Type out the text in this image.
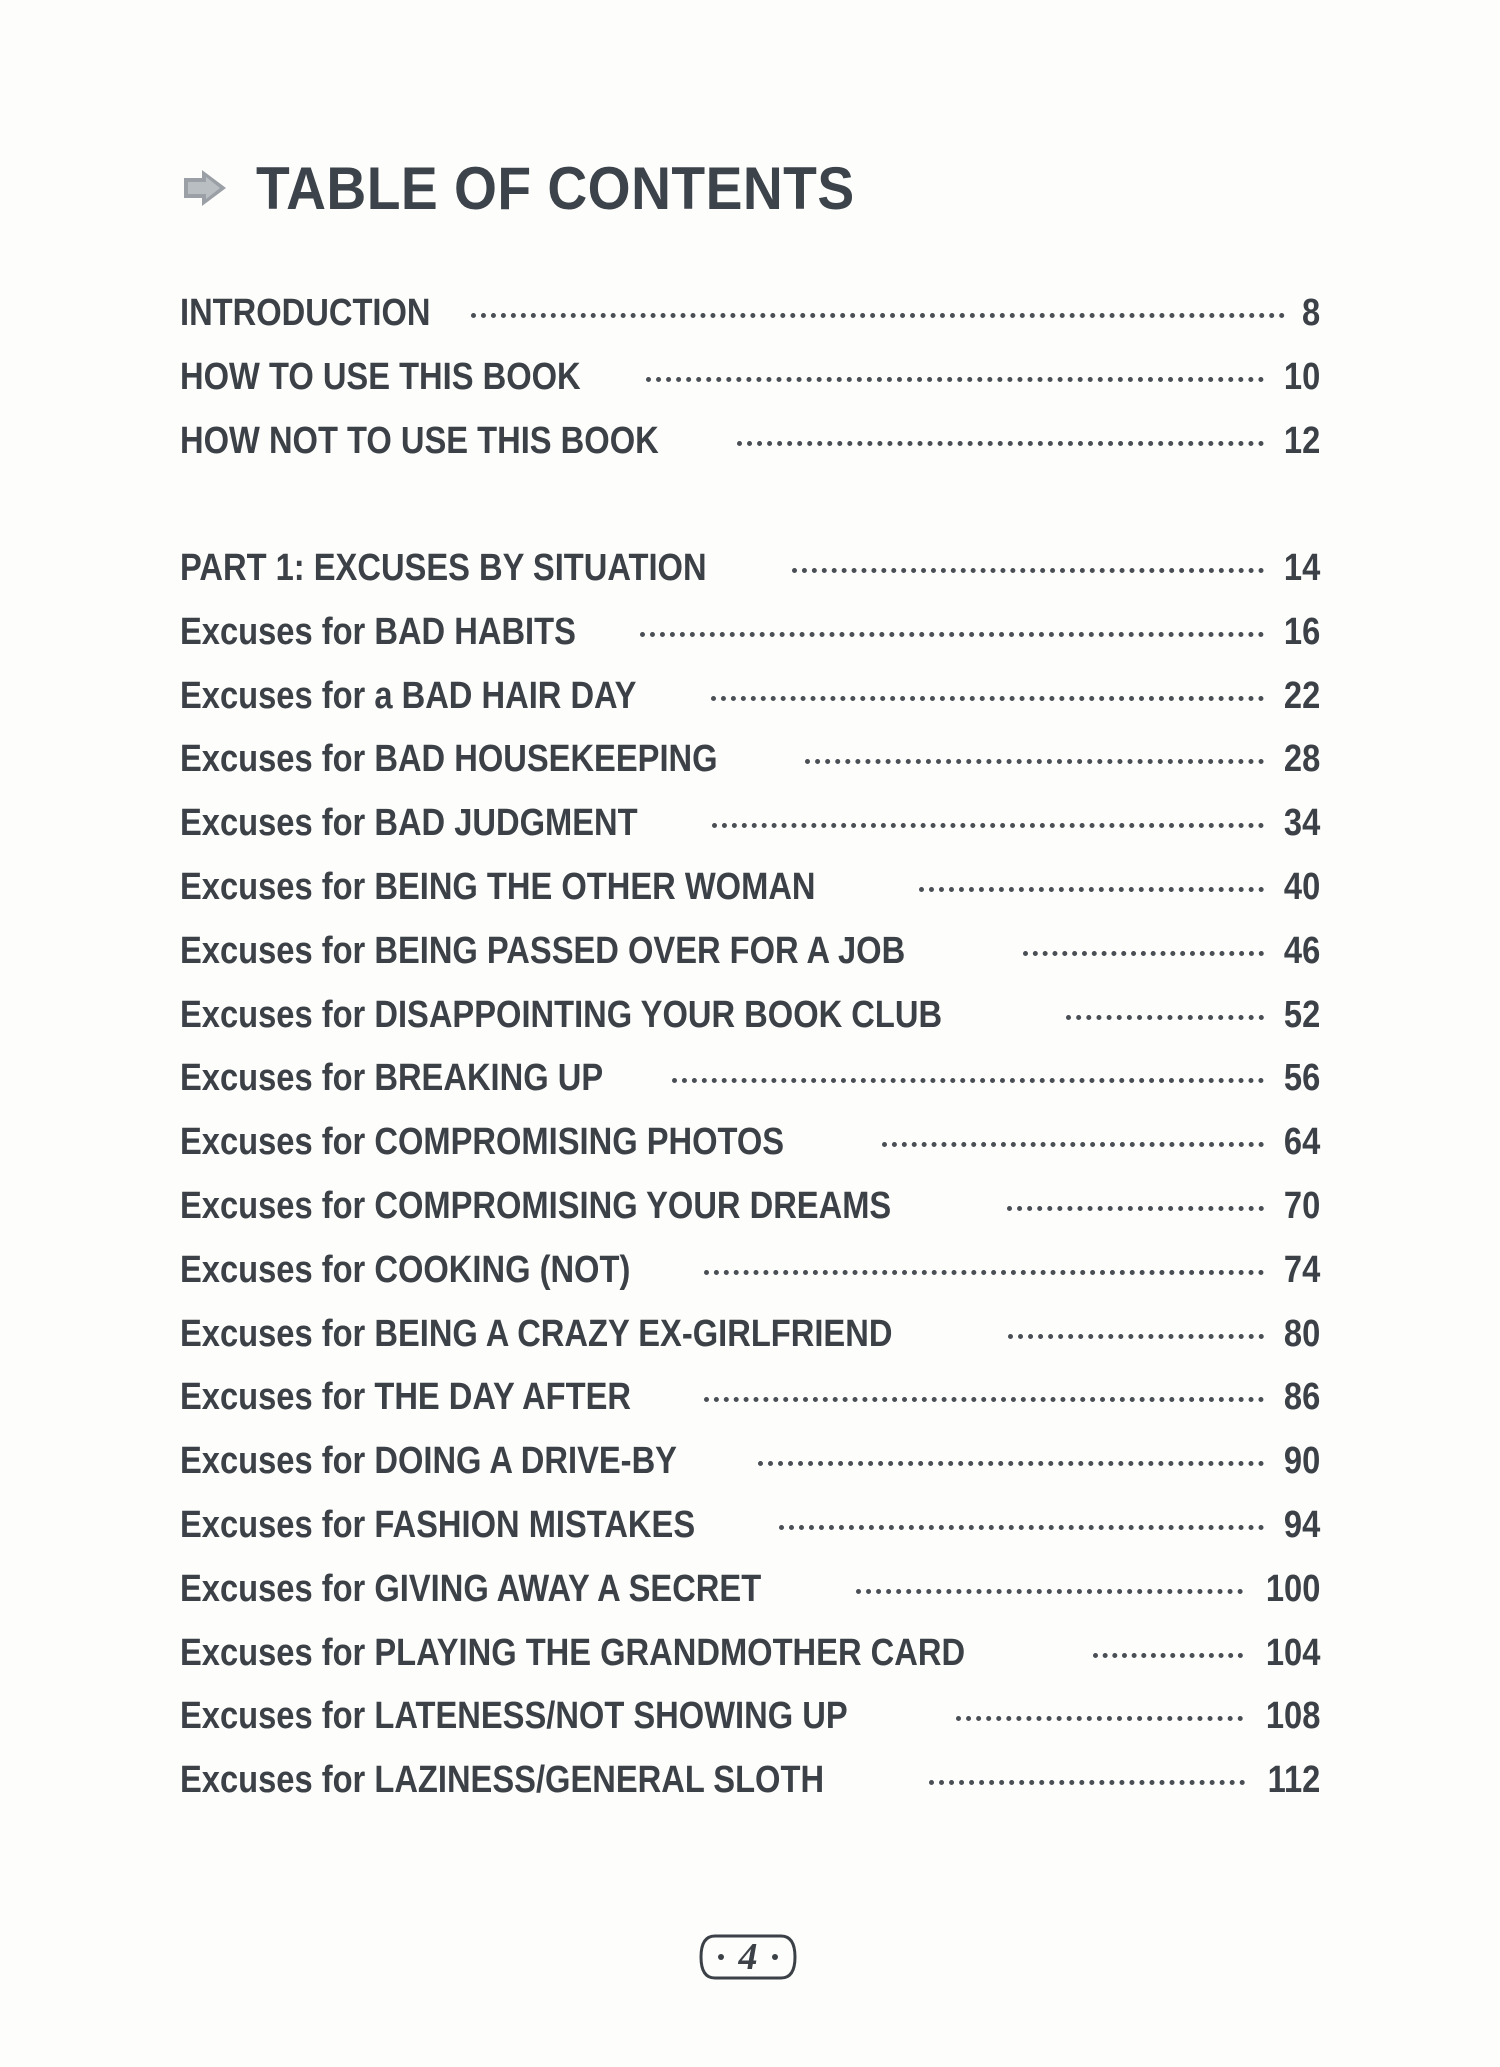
TABLE OF CONTENTS
INTRODUCTION	8
HOW TO USE THIS BOOK	10
HOW NOT TO USE THIS BOOK	12
PART 1: EXCUSES BY SITUATION	14
Excuses for BAD HABITS	16
Excuses for a BAD HAIR DAY	22
Excuses for BAD HOUSEKEEPING	28
Excuses for BAD JUDGMENT	34
Excuses for BEING THE OTHER WOMAN	40
Excuses for BEING PASSED OVER FOR A JOB	46
Excuses for DISAPPOINTING YOUR BOOK CLUB	52
Excuses for BREAKING UP	56
Excuses for COMPROMISING PHOTOS	64
Excuses for COMPROMISING YOUR DREAMS	70
Excuses for COOKING (NOT)	74
Excuses for BEING A CRAZY EX-GIRLFRIEND	80
Excuses for THE DAY AFTER	86
Excuses for DOING A DRIVE-BY	90
Excuses for FASHION MISTAKES	94
Excuses for GIVING AWAY A SECRET	100
Excuses for PLAYING THE GRANDMOTHER CARD	104
Excuses for LATENESS/NOT SHOWING UP	108
Excuses for LAZINESS/GENERAL SLOTH	112
4
